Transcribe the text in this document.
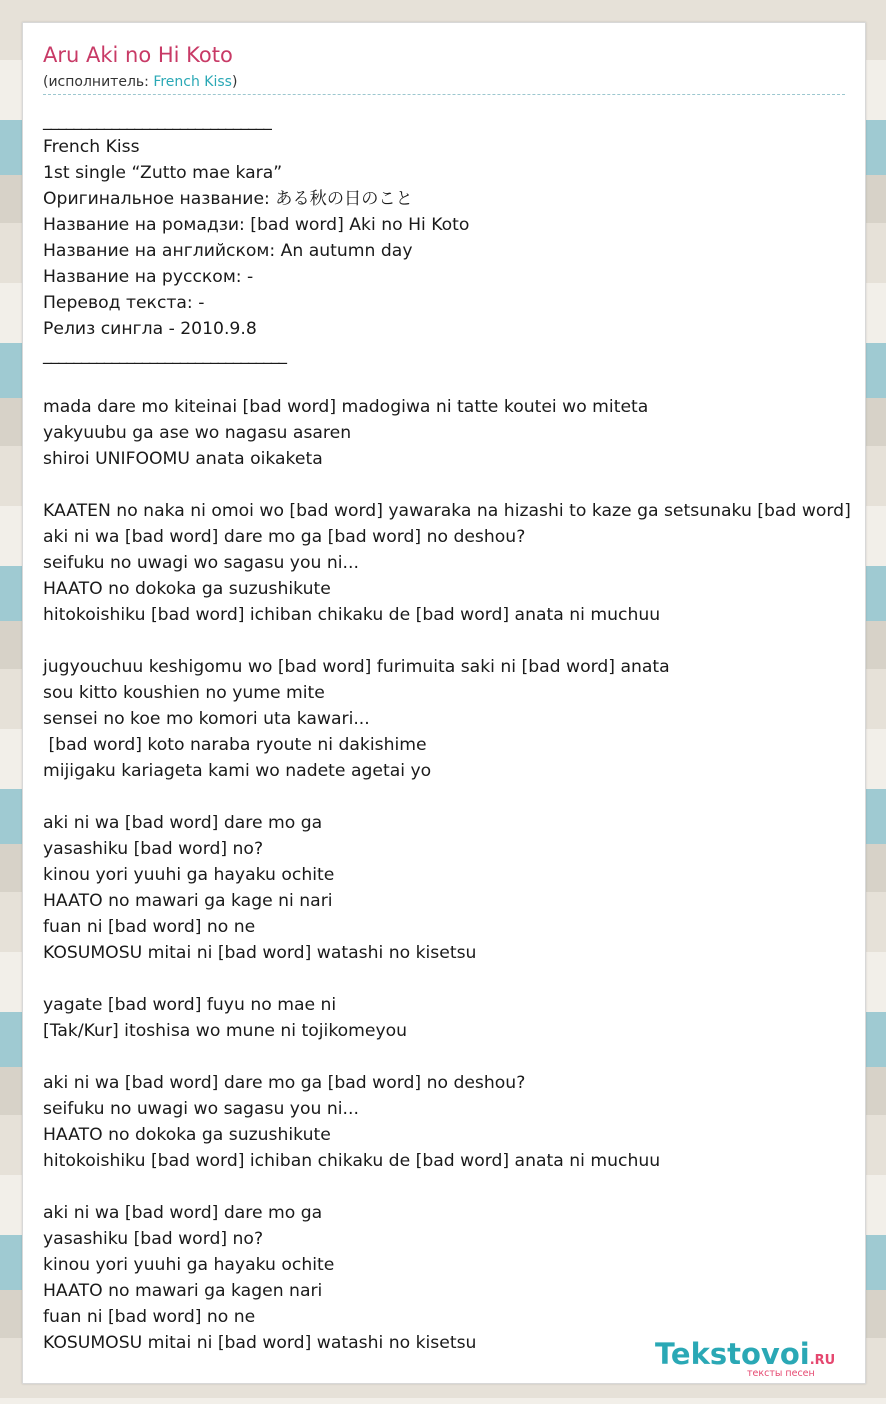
Aru Aki no Hi Koto
(исполнитель: French Kiss)
______________________________
French Kiss
1st single “Zutto mae kara”
Оригинальное название: ある秋の日のこと
Название на ромадзи: [bad word] Aki no Hi Koto
Название на английском: An autumn day
Название на русском: -
Перевод текста: -
Релиз сингла - 2010.9.8
________________________________
mada dare mo kiteinai [bad word] madogiwa ni tatte koutei wo miteta
yakyuubu ga ase wo nagasu asaren
shiroi UNIFOOMU anata oikaketa
KAATEN no naka ni omoi wo [bad word] yawaraka na hizashi to kaze ga setsunaku [bad word]
aki ni wa [bad word] dare mo ga [bad word] no deshou?
seifuku no uwagi wo sagasu you ni...
HAATO no dokoka ga suzushikute
hitokoishiku [bad word] ichiban chikaku de [bad word] anata ni muchuu
jugyouchuu keshigomu wo [bad word] furimuita saki ni [bad word] anata
sou kitto koushien no yume mite
sensei no koe mo komori uta kawari...
[bad word] koto naraba ryoute ni dakishime
mijigaku kariageta kami wo nadete agetai yo
aki ni wa [bad word] dare mo ga
yasashiku [bad word] no?
kinou yori yuuhi ga hayaku ochite
HAATO no mawari ga kage ni nari
fuan ni [bad word] no ne
KOSUMOSU mitai ni [bad word] watashi no kisetsu
yagate [bad word] fuyu no mae ni
[Tak/Kur] itoshisa wo mune ni tojikomeyou
aki ni wa [bad word] dare mo ga [bad word] no deshou?
seifuku no uwagi wo sagasu you ni...
HAATO no dokoka ga suzushikute
hitokoishiku [bad word] ichiban chikaku de [bad word] anata ni muchuu
aki ni wa [bad word] dare mo ga
yasashiku [bad word] no?
kinou yori yuuhi ga hayaku ochite
HAATO no mawari ga kagen nari
fuan ni [bad word] no ne
KOSUMOSU mitai ni [bad word] watashi no kisetsu	Tekstovoi.RU
тексты песен
